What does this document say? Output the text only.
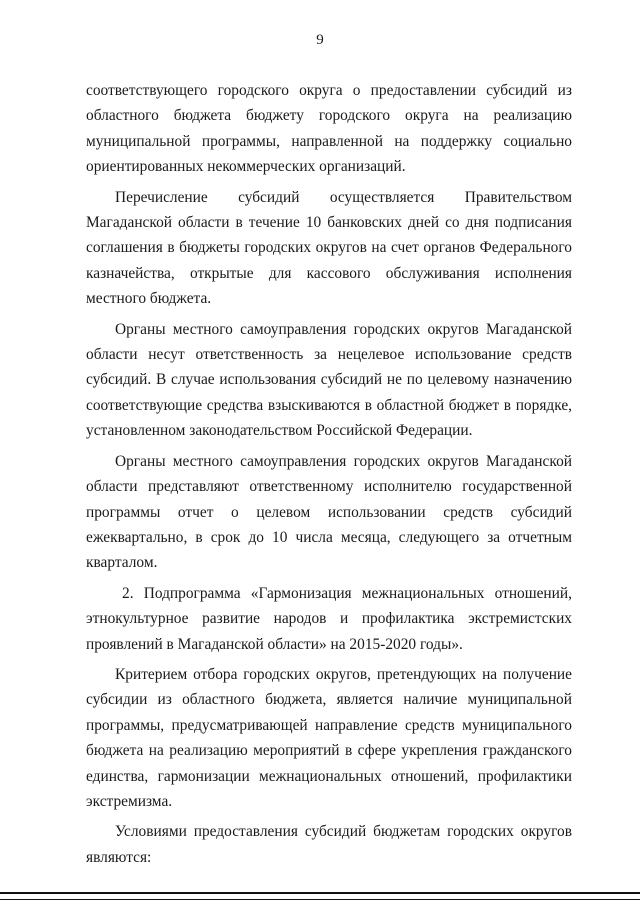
9

соответствующего городского округа о предоставлении субсидий из областного бюджета бюджету городского округа на реализацию муниципальной программы, направленной на поддержку социально ориентированных некоммерческих организаций.

Перечисление субсидий осуществляется Правительством Магаданской области в течение 10 банковских дней со дня подписания соглашения в бюджеты городских округов на счет органов Федерального казначейства, открытые для кассового обслуживания исполнения местного бюджета.

Органы местного самоуправления городских округов Магаданской области несут ответственность за нецелевое использование средств субсидий. В случае использования субсидий не по целевому назначению соответствующие средства взыскиваются в областной бюджет в порядке, установленном законодательством Российской Федерации.

Органы местного самоуправления городских округов Магаданской области представляют ответственному исполнителю государственной программы отчет о целевом использовании средств субсидий ежеквартально, в срок до 10 числа месяца, следующего за отчетным кварталом.

2. Подпрограмма «Гармонизация межнациональных отношений, этнокультурное развитие народов и профилактика экстремистских проявлений в Магаданской области» на 2015-2020 годы».

Критерием отбора городских округов, претендующих на получение субсидии из областного бюджета, является наличие муниципальной программы, предусматривающей направление средств муниципального бюджета на реализацию мероприятий в сфере укрепления гражданского единства, гармонизации межнациональных отношений, профилактики экстремизма.

Условиями предоставления субсидий бюджетам городских округов являются:
